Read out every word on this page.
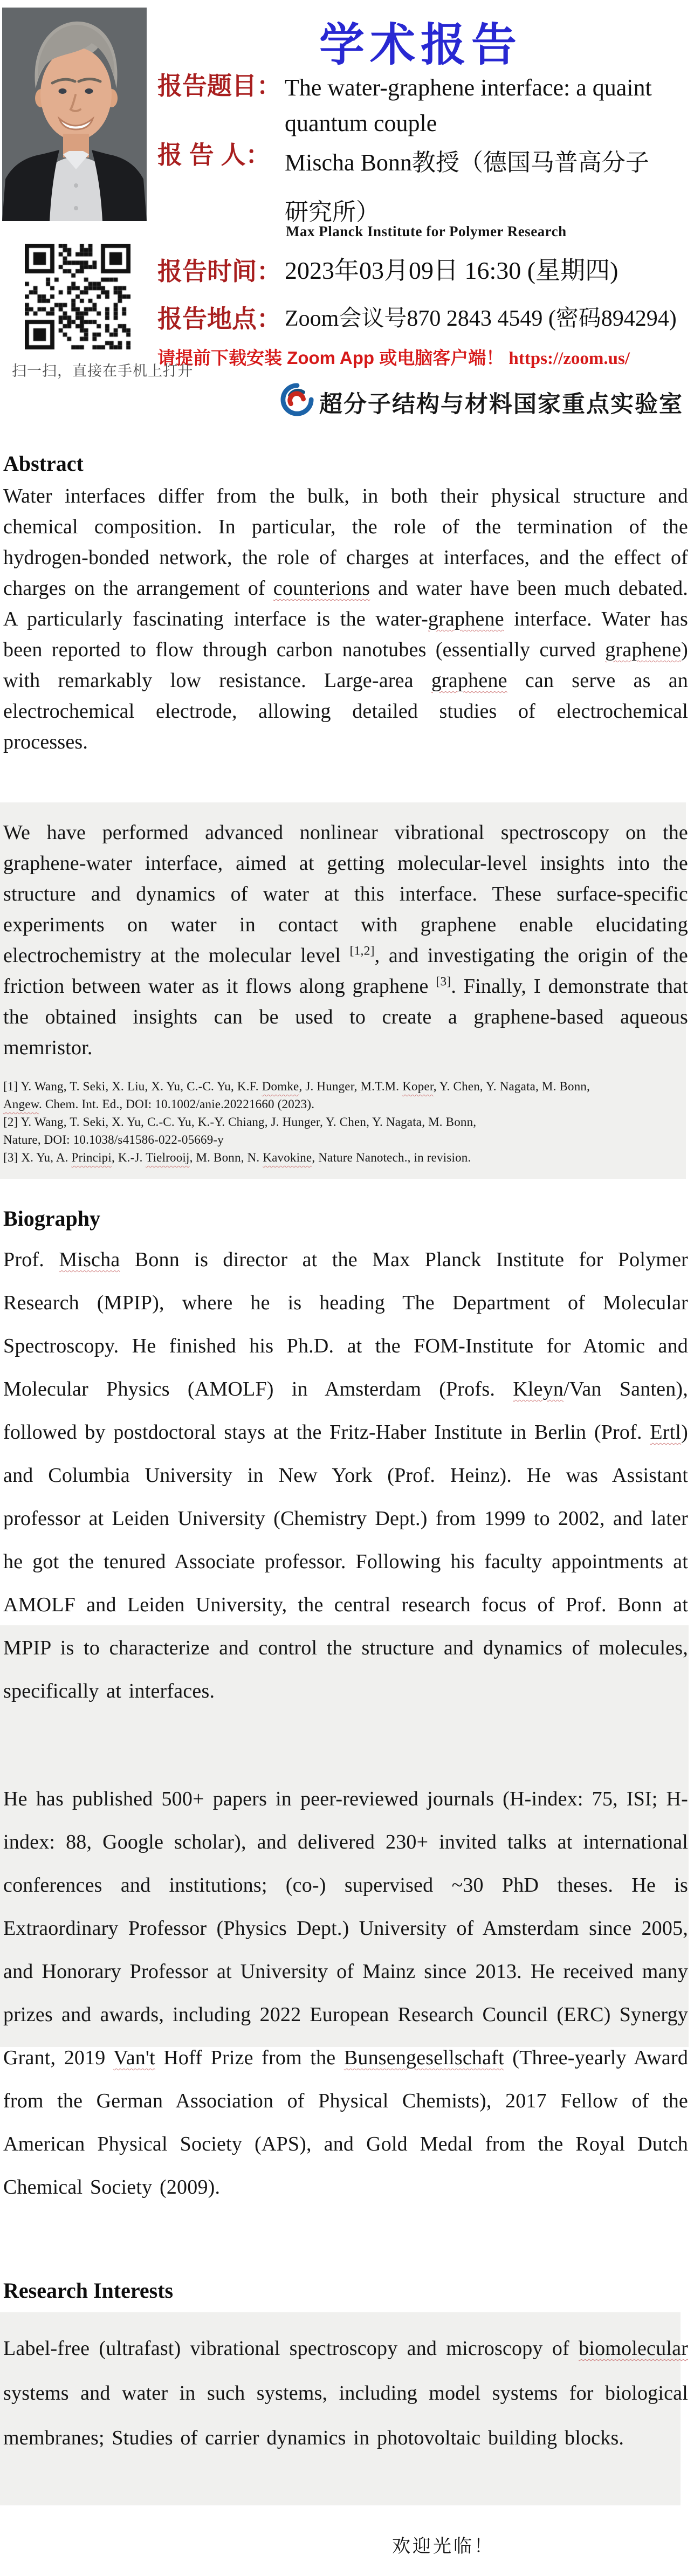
学术报告
报告题目： The water-graphene interface: a quaint quantum couple
报 告 人： Mischa Bonn教授（德国马普高分子研究所）
Max Planck Institute for Polymer Research
报告时间： 2023年03月09日 16:30 (星期四)
报告地点： Zoom会议号870 2843 4549 (密码894294)
请提前下载安装 Zoom App 或电脑客户端！ https://zoom.us/
超分子结构与材料国家重点实验室
扫一扫，直接在手机上打开
Abstract
Water interfaces differ from the bulk, in both their physical structure and chemical composition. In particular, the role of the termination of the hydrogen-bonded network, the role of charges at interfaces, and the effect of charges on the arrangement of counterions and water have been much debated. A particularly fascinating interface is the water-graphene interface. Water has been reported to flow through carbon nanotubes (essentially curved graphene) with remarkably low resistance. Large-area graphene can serve as an electrochemical electrode, allowing detailed studies of electrochemical processes.
We have performed advanced nonlinear vibrational spectroscopy on the graphene-water interface, aimed at getting molecular-level insights into the structure and dynamics of water at this interface. These surface-specific experiments on water in contact with graphene enable elucidating electrochemistry at the molecular level [1,2], and investigating the origin of the friction between water as it flows along graphene [3]. Finally, I demonstrate that the obtained insights can be used to create a graphene-based aqueous memristor.
[1] Y. Wang, T. Seki, X. Liu, X. Yu, C.-C. Yu, K.F. Domke, J. Hunger, M.T.M. Koper, Y. Chen, Y. Nagata, M. Bonn,
Angew. Chem. Int. Ed., DOI: 10.1002/anie.20221660 (2023).
[2] Y. Wang, T. Seki, X. Yu, C.-C. Yu, K.-Y. Chiang, J. Hunger, Y. Chen, Y. Nagata, M. Bonn,
Nature, DOI: 10.1038/s41586-022-05669-y
[3] X. Yu, A. Principi, K.-J. Tielrooij, M. Bonn, N. Kavokine, Nature Nanotech., in revision.
Biography
Prof. Mischa Bonn is director at the Max Planck Institute for Polymer Research (MPIP), where he is heading The Department of Molecular Spectroscopy. He finished his Ph.D. at the FOM-Institute for Atomic and Molecular Physics (AMOLF) in Amsterdam (Profs. Kleyn/Van Santen), followed by postdoctoral stays at the Fritz-Haber Institute in Berlin (Prof. Ertl) and Columbia University in New York (Prof. Heinz). He was Assistant professor at Leiden University (Chemistry Dept.) from 1999 to 2002, and later he got the tenured Associate professor. Following his faculty appointments at AMOLF and Leiden University, the central research focus of Prof. Bonn at MPIP is to characterize and control the structure and dynamics of molecules, specifically at interfaces.
He has published 500+ papers in peer-reviewed journals (H-index: 75, ISI; H-index: 88, Google scholar), and delivered 230+ invited talks at international conferences and institutions; (co-) supervised ~30 PhD theses. He is Extraordinary Professor (Physics Dept.) University of Amsterdam since 2005, and Honorary Professor at University of Mainz since 2013. He received many prizes and awards, including 2022 European Research Council (ERC) Synergy Grant, 2019 Van't Hoff Prize from the Bunsengesellschaft (Three-yearly Award from the German Association of Physical Chemists), 2017 Fellow of the American Physical Society (APS), and Gold Medal from the Royal Dutch Chemical Society (2009).
Research Interests
Label-free (ultrafast) vibrational spectroscopy and microscopy of biomolecular systems and water in such systems, including model systems for biological membranes; Studies of carrier dynamics in photovoltaic building blocks.
欢迎光临！
